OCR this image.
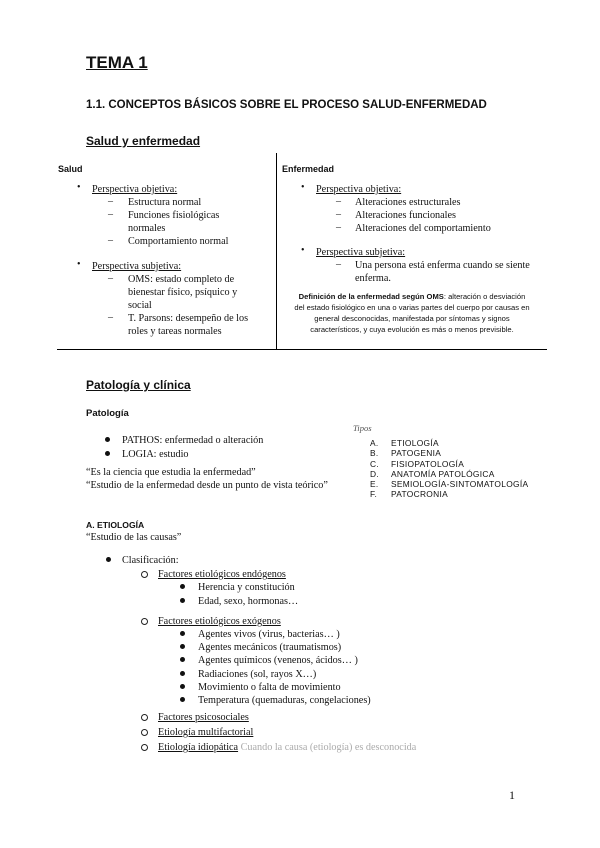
TEMA 1
1.1. CONCEPTOS BÁSICOS SOBRE EL PROCESO SALUD-ENFERMEDAD
Salud y enfermedad
Salud
• Perspectiva objetiva:
– Estructura normal
– Funciones fisiológicas
normales
– Comportamiento normal
• Perspectiva subjetiva:
– OMS: estado completo de
bienestar físico, psíquico y
social
– T. Parsons: desempeño de los
roles y tareas normales
Enfermedad
• Perspectiva objetiva:
– Alteraciones estructurales
– Alteraciones funcionales
– Alteraciones del comportamiento
• Perspectiva subjetiva:
– Una persona está enferma cuando se siente
enferma.
Definición de la enfermedad según OMS: alteración o desviación
del estado fisiológico en una o varias partes del cuerpo por causas en
general desconocidas, manifestada por síntomas y signos
característicos, y cuya evolución es más o menos previsible.
Patología y clínica
Patología
PATHOS: enfermedad o alteración
LOGIA: estudio
“Es la ciencia que estudia la enfermedad”
“Estudio de la enfermedad desde un punto de vista teórico”
Tipos
A.
B.
C.
D.
E.
F.
ETIOLOGÍA
PATOGENIA
FISIOPATOLOGÍA
ANATOMÍA PATOLÓGICA
SEMIOLOGÍA-SINTOMATOLOGÍA
PATOCRONIA
A. ETIOLOGÍA
“Estudio de las causas”
Clasificación:
Factores etiológicos endógenos
Herencia y constitución
Edad, sexo, hormonas…
Factores etiológicos exógenos
Agentes vivos (virus, bacterias… )
Agentes mecánicos (traumatismos)
Agentes químicos (venenos, ácidos… )
Radiaciones (sol, rayos X…)
Movimiento o falta de movimiento
Temperatura (quemaduras, congelaciones)
Factores psicosociales
Etiología multifactorial
Etiología idiopática Cuando la causa (etiología) es desconocida
1
